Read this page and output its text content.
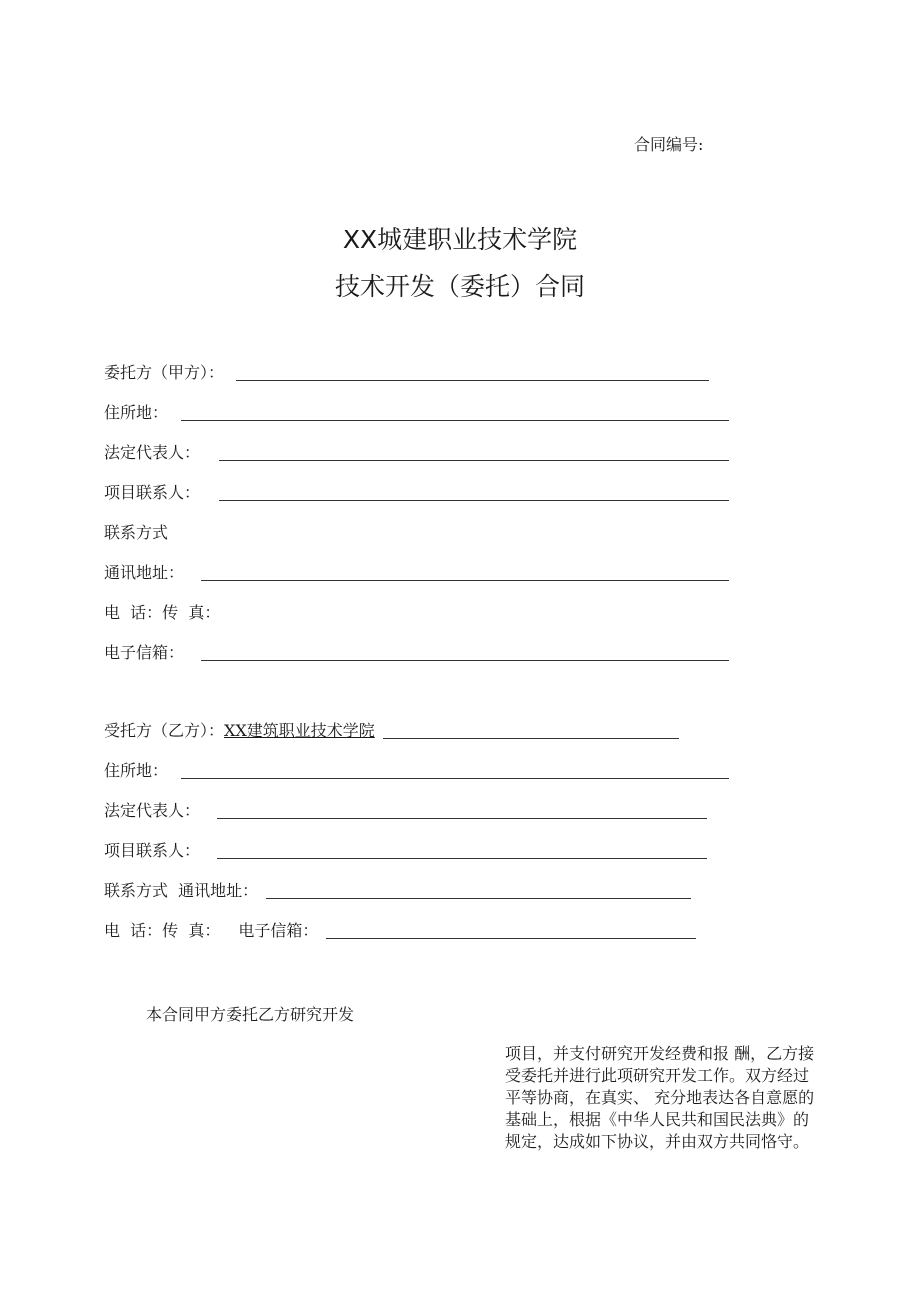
合同编号:
XX城建职业技术学院
技术开发（委托）合同
委托方（甲方）：
住所地：
法定代表人：
项目联系人：
联系方式
通讯地址：
电  话：传  真：
电子信箱：
受托方（乙方）： XX建筑职业技术学院
住所地：
法定代表人：
项目联系人：
联系方式  通讯地址：
电  话：传  真： 电子信箱：
本合同甲方委托乙方研究开发
项目，并支付研究开发经费和报 酬，乙方接受委托并进行此项研究开发工作。双方经过平等协商，在真实、 充分地表达各自意愿的基础上，根据《中华人民共和国民法典》的规定，达成如下协议，并由双方共同恪守。
